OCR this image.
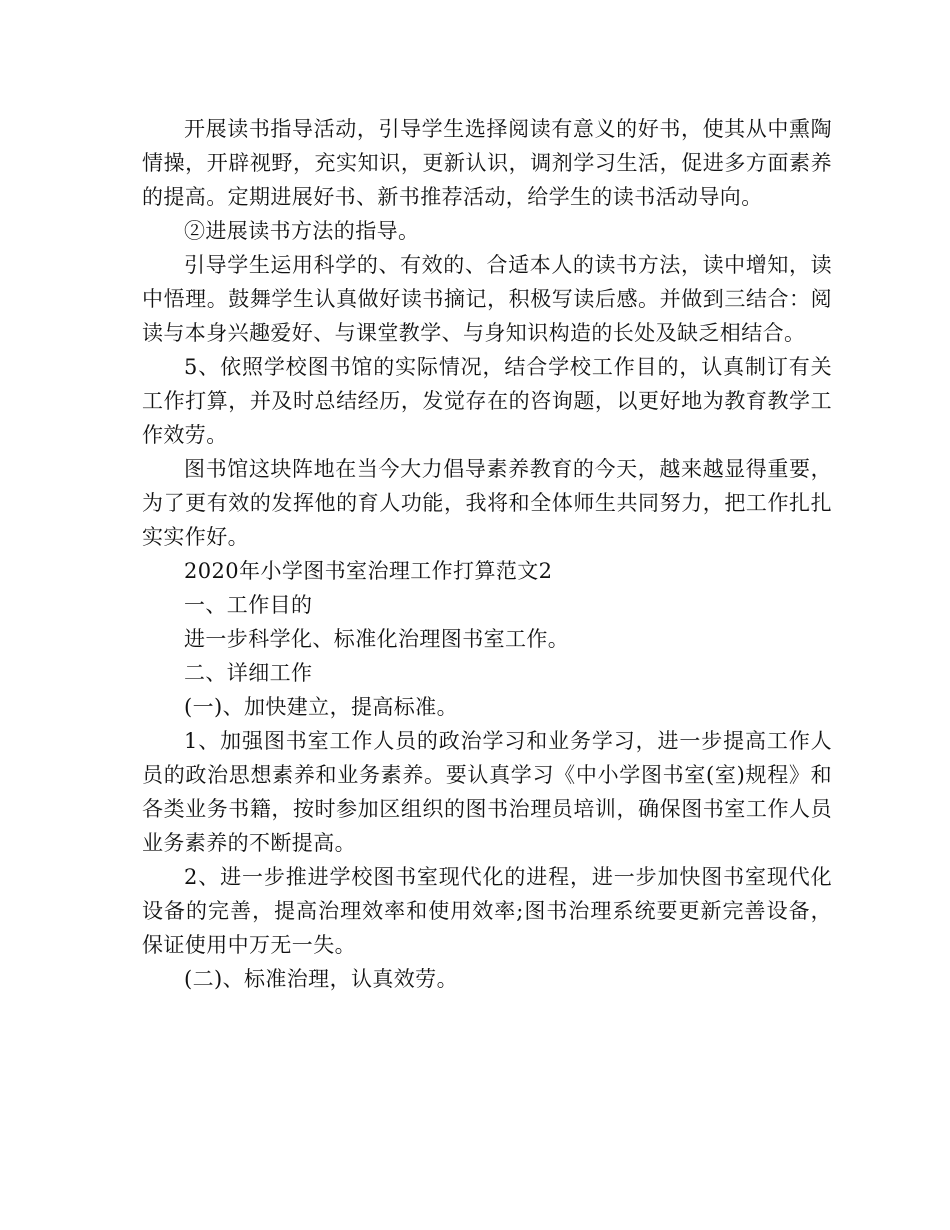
开展读书指导活动，引导学生选择阅读有意义的好书，使其从中熏陶情操，开辟视野，充实知识，更新认识，调剂学习生活，促进多方面素养的提高。定期进展好书、新书推荐活动，给学生的读书活动导向。

②进展读书方法的指导。

引导学生运用科学的、有效的、合适本人的读书方法，读中增知，读中悟理。鼓舞学生认真做好读书摘记，积极写读后感。并做到三结合：阅读与本身兴趣爱好、与课堂教学、与身知识构造的长处及缺乏相结合。

5、依照学校图书馆的实际情况，结合学校工作目的，认真制订有关工作打算，并及时总结经历，发觉存在的咨询题，以更好地为教育教学工作效劳。

图书馆这块阵地在当今大力倡导素养教育的今天，越来越显得重要，为了更有效的发挥他的育人功能，我将和全体师生共同努力，把工作扎扎实实作好。

2020年小学图书室治理工作打算范文2

一、工作目的

进一步科学化、标准化治理图书室工作。

二、详细工作

(一)、加快建立，提高标准。

1、加强图书室工作人员的政治学习和业务学习，进一步提高工作人员的政治思想素养和业务素养。要认真学习《中小学图书室(室)规程》和各类业务书籍，按时参加区组织的图书治理员培训，确保图书室工作人员业务素养的不断提高。

2、进一步推进学校图书室现代化的进程，进一步加快图书室现代化设备的完善，提高治理效率和使用效率;图书治理系统要更新完善设备，保证使用中万无一失。

(二)、标准治理，认真效劳。
